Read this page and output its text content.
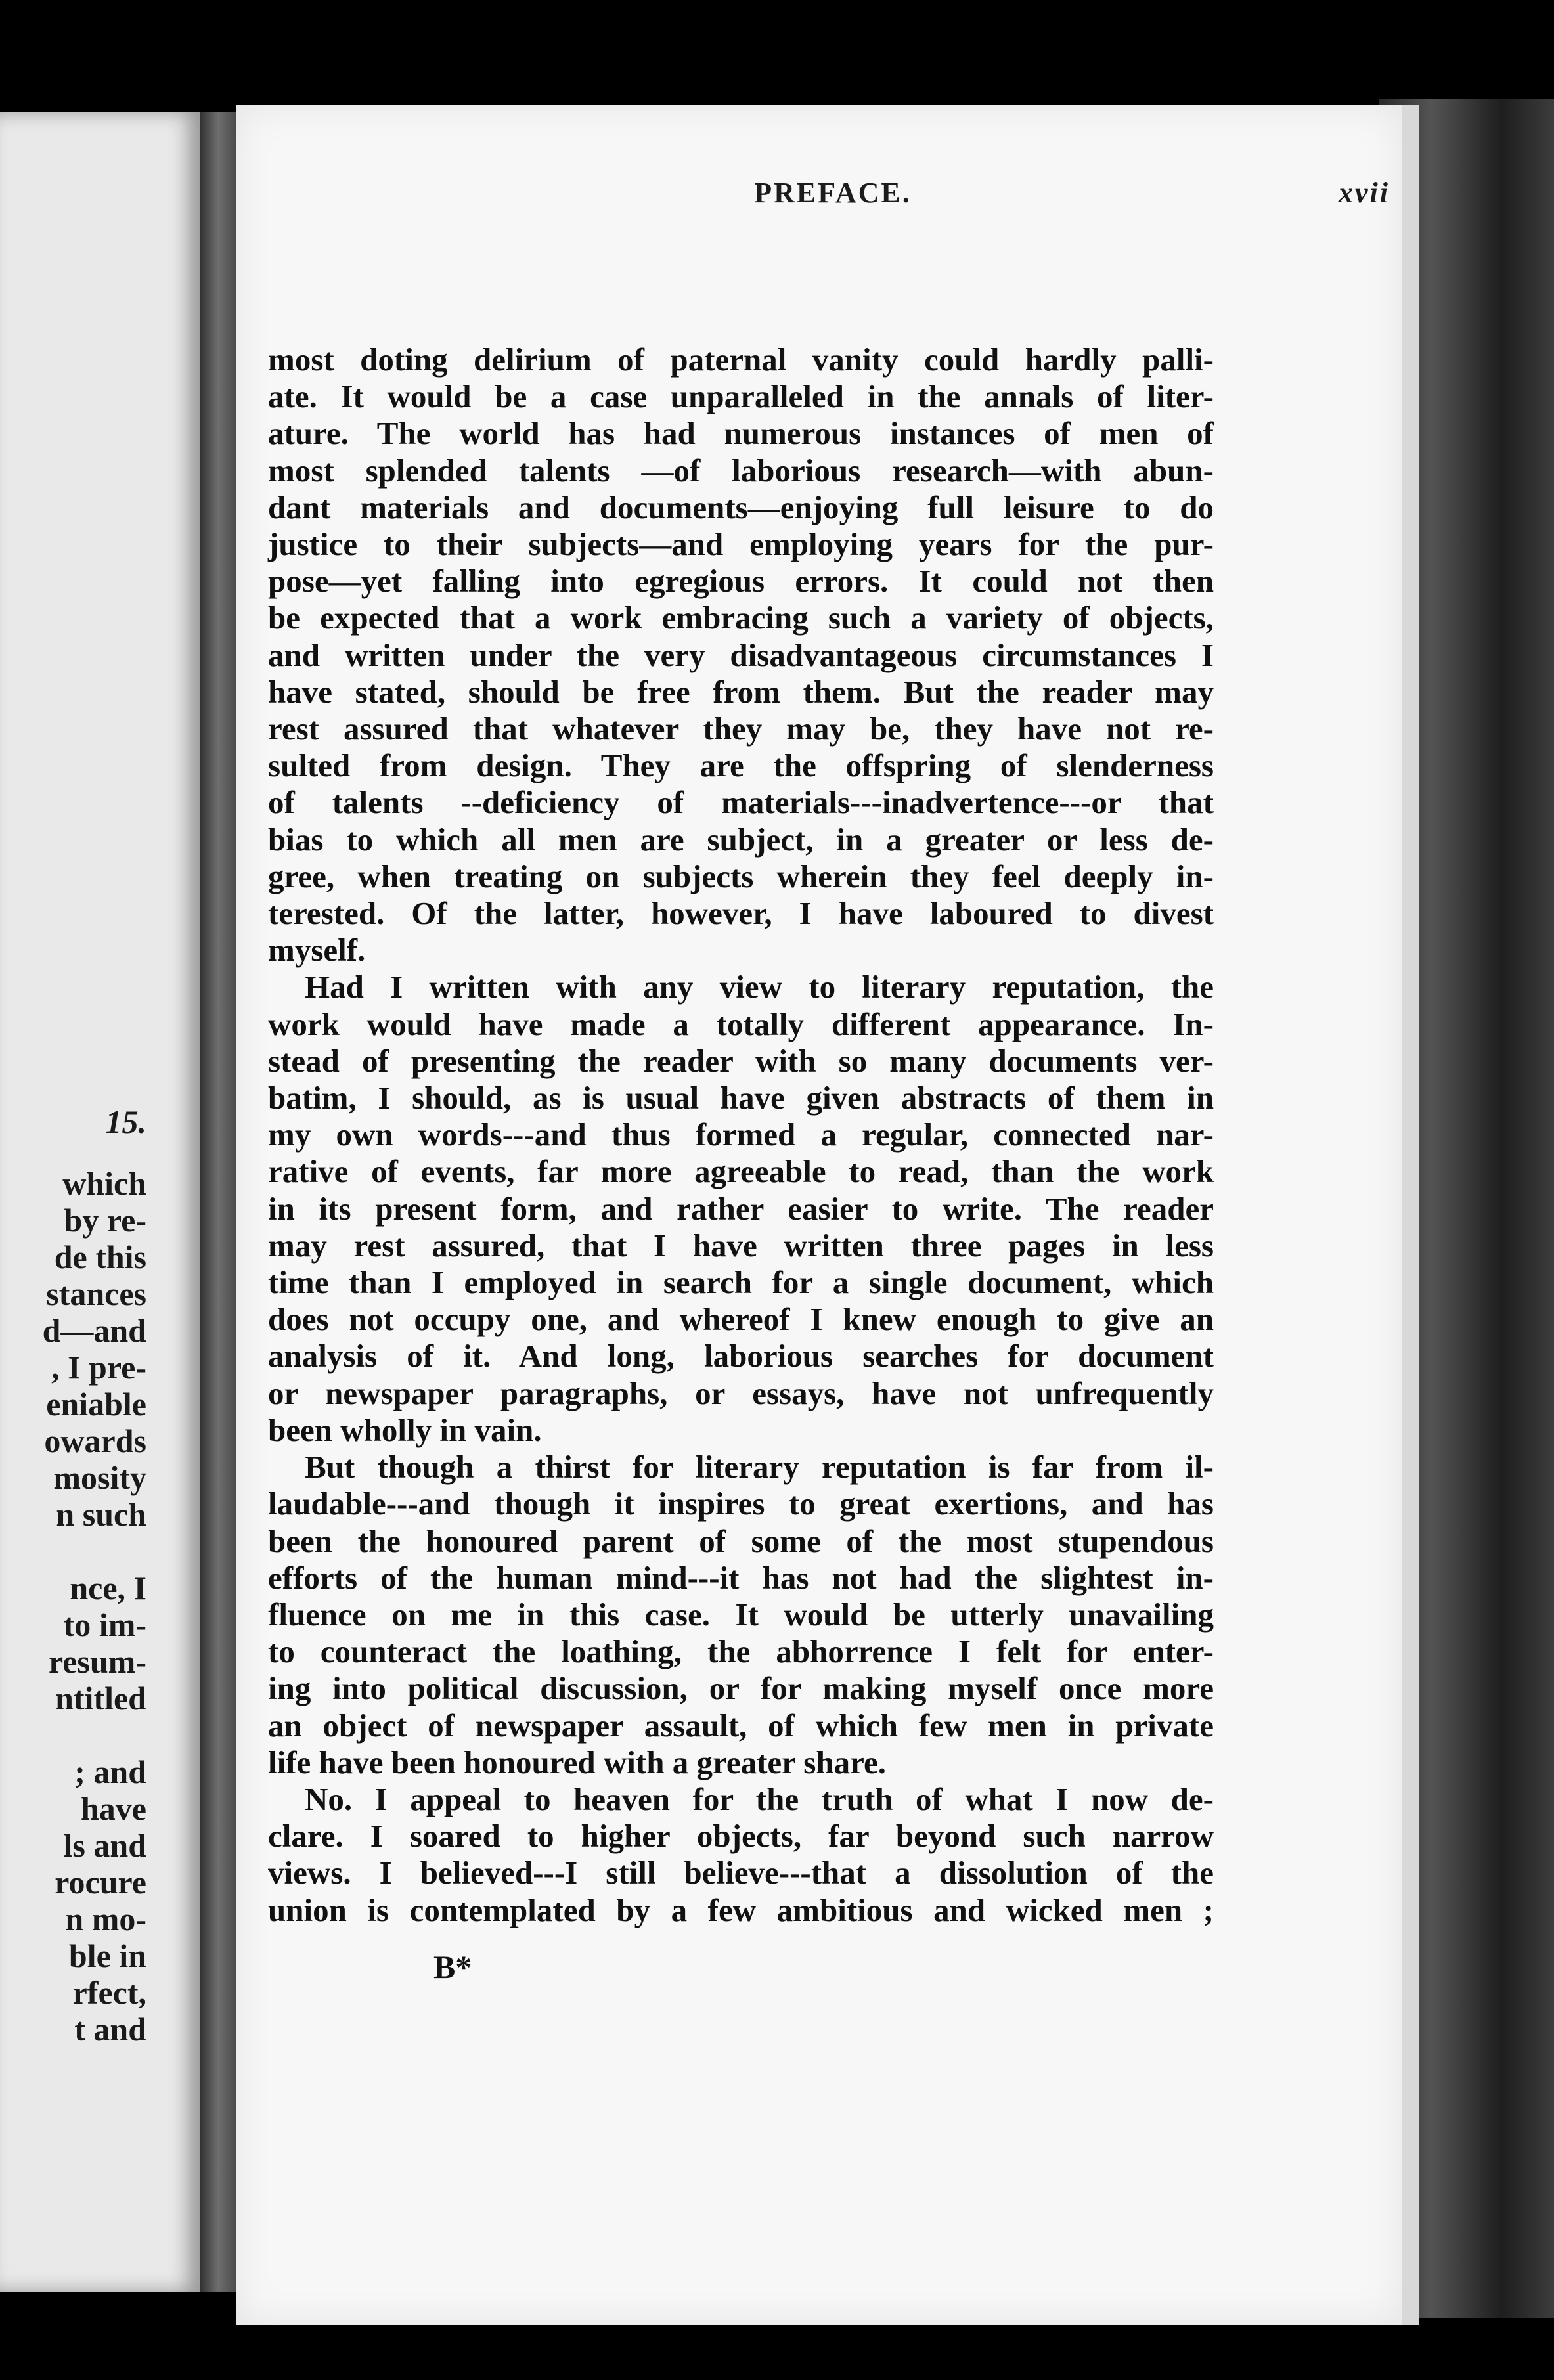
15.
which
by re-
de this
stances
d—and
, I pre-
eniable
owards
mosity
n such
nce, I
to im-
resum-
ntitled
; and
have
ls and
rocure
n mo-
ble in
rfect,
t and
PREFACE.	xvii
most doting delirium of paternal vanity could hardly palli-
ate. It would be a case unparalleled in the annals of liter-
ature. The world has had numerous instances of men of
most splended talents —of laborious research—with abun-
dant materials and documents—enjoying full leisure to do
justice to their subjects—and employing years for the pur-
pose—yet falling into egregious errors. It could not then
be expected that a work embracing such a variety of objects,
and written under the very disadvantageous circumstances I
have stated, should be free from them. But the reader may
rest assured that whatever they may be, they have not re-
sulted from design. They are the offspring of slenderness
of talents --deficiency of materials---inadvertence---or that
bias to which all men are subject, in a greater or less de-
gree, when treating on subjects wherein they feel deeply in-
terested. Of the latter, however, I have laboured to divest
myself.
Had I written with any view to literary reputation, the
work would have made a totally different appearance. In-
stead of presenting the reader with so many documents ver-
batim, I should, as is usual have given abstracts of them in
my own words---and thus formed a regular, connected nar-
rative of events, far more agreeable to read, than the work
in its present form, and rather easier to write. The reader
may rest assured, that I have written three pages in less
time than I employed in search for a single document, which
does not occupy one, and whereof I knew enough to give an
analysis of it. And long, laborious searches for document
or newspaper paragraphs, or essays, have not unfrequently
been wholly in vain.
But though a thirst for literary reputation is far from il-
laudable---and though it inspires to great exertions, and has
been the honoured parent of some of the most stupendous
efforts of the human mind---it has not had the slightest in-
fluence on me in this case. It would be utterly unavailing
to counteract the loathing, the abhorrence I felt for enter-
ing into political discussion, or for making myself once more
an object of newspaper assault, of which few men in private
life have been honoured with a greater share.
No. I appeal to heaven for the truth of what I now de-
clare. I soared to higher objects, far beyond such narrow
views. I believed---I still believe---that a dissolution of the
union is contemplated by a few ambitious and wicked men ;
B*
